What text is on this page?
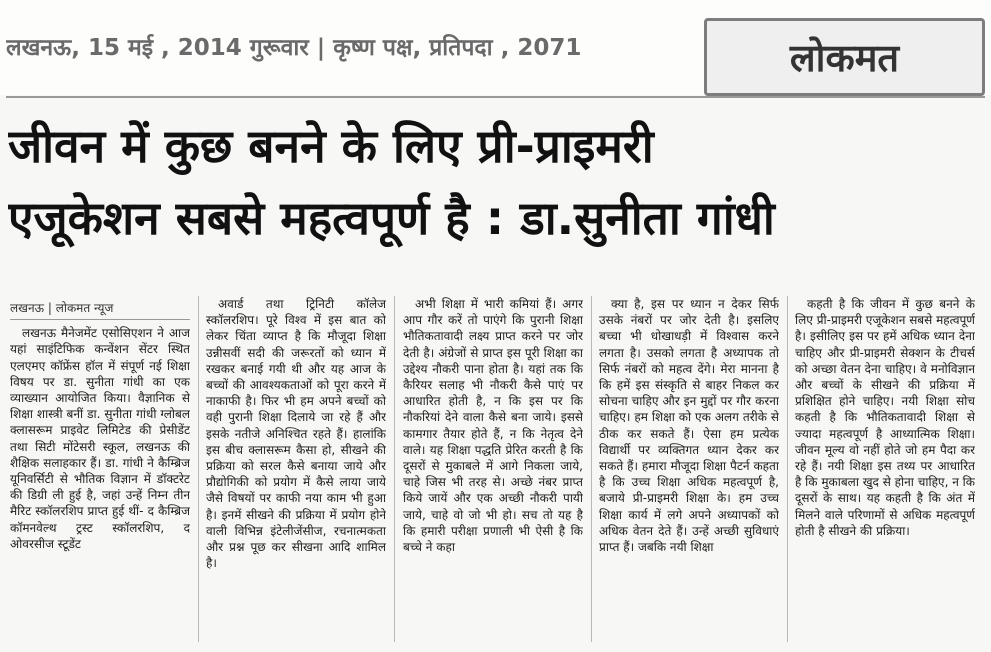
लखनऊ, 15 मई , 2014 गुरूवार | कृष्ण पक्ष, प्रतिपदा , 2071	लोकमत
जीवन में कुछ बनने के लिए प्री-प्राइमरी
एजूकेशन सबसे महत्वपूर्ण है : डा.सुनीता गांधी
लखनऊ | लोकमत न्यूज

लखनऊ मैनेजमेंट एसोसिएशन ने आज यहां साइंटिफिक कन्वेंशन सेंटर स्थित एलएमए कॉफ्रेंस हॉल में संपूर्ण नई शिक्षा विषय पर डा. सुनीता गांधी का एक व्याख्यान आयोजित किया। वैज्ञानिक से शिक्षा शास्त्री बनीं डा. सुनीता गांधी ग्लोबल क्लासरूम प्राइवेट लिमिटेड की प्रेसीडेंट तथा सिटी मोंटेसरी स्कूल, लखनऊ की शैक्षिक सलाहकार हैं। डा. गांधी ने कैम्ब्रिज यूनिवर्सिटी से भौतिक विज्ञान में डॉक्टरेट की डिग्री ली हुई है, जहां उन्हें निम्न तीन मैरिट स्कॉलरशिप प्राप्त हुई थीं- द कैम्ब्रिज कॉमनवेल्थ ट्रस्ट स्कॉलरशिप, द ओवरसीज स्टूडेंट

अवार्ड तथा ट्रिनिटी कॉलेज स्कॉलरशिप। पूरे विश्व में इस बात को लेकर चिंता व्याप्त है कि मौजूदा शिक्षा उन्नीसवीं सदी की जरूरतों को ध्यान में रखकर बनाई गयी थी और यह आज के बच्चों की आवश्यकताओं को पूरा करने में नाकाफी है। फिर भी हम अपने बच्चों को वही पुरानी शिक्षा दिलाये जा रहे हैं और इसके नतीजे अनिश्चित रहते हैं। हालांकि इस बीच क्लासरूम कैसा हो, सीखने की प्रक्रिया को सरल कैसे बनाया जाये और प्रौद्योगिकी को प्रयोग में कैसे लाया जाये जैसे विषयों पर काफी नया काम भी हुआ है। इनमें सीखने की प्रक्रिया में प्रयोग होने वाली विभिन्न इंटेलीजेंसीज, रचनात्मकता और प्रश्न पूछ कर सीखना आदि शामिल है।

अभी शिक्षा में भारी कमियां हैं। अगर आप गौर करें तो पाएंगे कि पुरानी शिक्षा भौतिकतावादी लक्ष्य प्राप्त करने पर जोर देती है। अंग्रेजों से प्राप्त इस पूरी शिक्षा का उद्देश्य नौकरी पाना होता है। यहां तक कि कैरियर सलाह भी नौकरी कैसे पाएं पर आधारित होती है, न कि इस पर कि नौकरियां देने वाला कैसे बना जाये। इससे कामगार तैयार होते हैं, न कि नेतृत्व देने वाले। यह शिक्षा पद्धति प्रेरित करती है कि दूसरों से मुकाबले में आगे निकला जाये, चाहे जिस भी तरह से। अच्छे नंबर प्राप्त किये जायें और एक अच्छी नौकरी पायी जाये, चाहे वो जो भी हो। सच तो यह है कि हमारी परीक्षा प्रणाली भी ऐसी है कि बच्चे ने कहा

क्या है, इस पर ध्यान न देकर सिर्फ उसके नंबरों पर जोर देती है। इसलिए बच्चा भी धोखाधड़ी में विश्वास करने लगता है। उसको लगता है अध्यापक तो सिर्फ नंबरों को महत्व देंगे। मेरा मानना है कि हमें इस संस्कृति से बाहर निकल कर सोचना चाहिए और इन मुद्दों पर गौर करना चाहिए। हम शिक्षा को एक अलग तरीके से ठीक कर सकते हैं। ऐसा हम प्रत्येक विद्यार्थी पर व्यक्तिगत ध्यान देकर कर सकते हैं। हमारा मौजूदा शिक्षा पैटर्न कहता है कि उच्च शिक्षा अधिक महत्वपूर्ण है, बजाये प्री-प्राइमरी शिक्षा के। हम उच्च शिक्षा कार्य में लगे अपने अध्यापकों को अधिक वेतन देते हैं। उन्हें अच्छी सुविधाएं प्राप्त हैं। जबकि नयी शिक्षा

कहती है कि जीवन में कुछ बनने के लिए प्री-प्राइमरी एजूकेशन सबसे महत्वपूर्ण है। इसीलिए इस पर हमें अधिक ध्यान देना चाहिए और प्री-प्राइमरी सेक्शन के टीचर्स को अच्छा वेतन देना चाहिए। वे मनोविज्ञान और बच्चों के सीखने की प्रक्रिया में प्रशिक्षित होने चाहिए। नयी शिक्षा सोच कहती है कि भौतिकतावादी शिक्षा से ज्यादा महत्वपूर्ण है आध्यात्मिक शिक्षा। जीवन मूल्य वो नहीं होते जो हम पैदा कर रहे हैं। नयी शिक्षा इस तथ्य पर आधारित है कि मुकाबला खुद से होना चाहिए, न कि दूसरों के साथ। यह कहती है कि अंत में मिलने वाले परिणामों से अधिक महत्वपूर्ण होती है सीखने की प्रक्रिया।
